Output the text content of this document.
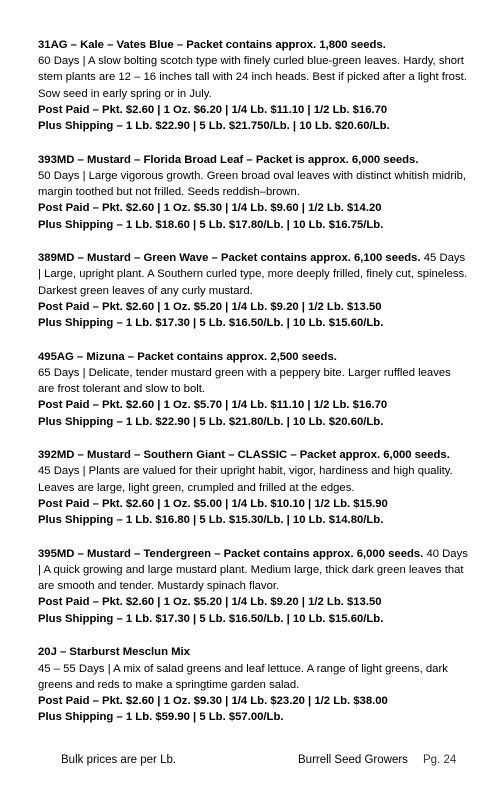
31AG – Kale – Vates Blue – Packet contains approx. 1,800 seeds.
60 Days | A slow bolting scotch type with finely curled blue-green leaves. Hardy, short stem plants are 12 – 16 inches tall with 24 inch heads. Best if picked after a light frost. Sow seed in early spring or in July.

Post Paid – Pkt. $2.60 | 1 Oz. $6.20 | 1/4 Lb. $11.10 | 1/2 Lb. $16.70

Plus Shipping – 1 Lb. $22.90 | 5 Lb. $21.750/Lb. | 10 Lb. $20.60/Lb.

393MD – Mustard – Florida Broad Leaf – Packet is approx. 6,000 seeds.
50 Days | Large vigorous growth. Green broad oval leaves with distinct whitish midrib, margin toothed but not frilled. Seeds reddish–brown.

Post Paid – Pkt. $2.60 | 1 Oz. $5.30 | 1/4 Lb. $9.60 | 1/2 Lb. $14.20

Plus Shipping – 1 Lb. $18.60 | 5 Lb. $17.80/Lb. | 10 Lb. $16.75/Lb.

389MD – Mustard – Green Wave – Packet contains approx. 6,100 seeds. 45 Days | Large, upright plant. A Southern curled type, more deeply frilled, finely cut, spineless. Darkest green leaves of any curly mustard.

Post Paid – Pkt. $2.60 | 1 Oz. $5.20 | 1/4 Lb. $9.20 | 1/2 Lb. $13.50

Plus Shipping – 1 Lb. $17.30 | 5 Lb. $16.50/Lb. | 10 Lb. $15.60/Lb.

495AG – Mizuna – Packet contains approx. 2,500 seeds.
65 Days | Delicate, tender mustard green with a peppery bite. Larger ruffled leaves are frost tolerant and slow to bolt.

Post Paid – Pkt. $2.60 | 1 Oz. $5.70 | 1/4 Lb. $11.10 | 1/2 Lb. $16.70

Plus Shipping – 1 Lb. $22.90 | 5 Lb. $21.80/Lb. | 10 Lb. $20.60/Lb.

392MD – Mustard – Southern Giant – CLASSIC – Packet approx. 6,000 seeds.
45 Days | Plants are valued for their upright habit, vigor, hardiness and high quality. Leaves are large, light green, crumpled and frilled at the edges.

Post Paid – Pkt. $2.60 | 1 Oz. $5.00 | 1/4 Lb. $10.10 | 1/2 Lb. $15.90

Plus Shipping – 1 Lb. $16.80 | 5 Lb. $15.30/Lb. | 10 Lb. $14.80/Lb.

395MD – Mustard – Tendergreen – Packet contains approx. 6,000 seeds. 40 Days | A quick growing and large mustard plant. Medium large, thick dark green leaves that are smooth and tender. Mustardy spinach flavor.

Post Paid – Pkt. $2.60 | 1 Oz. $5.20 | 1/4 Lb. $9.20 | 1/2 Lb. $13.50

Plus Shipping – 1 Lb. $17.30 | 5 Lb. $16.50/Lb. | 10 Lb. $15.60/Lb.

20J – Starburst Mesclun Mix
45 – 55 Days | A mix of salad greens and leaf lettuce. A range of light greens, dark greens and reds to make a springtime garden salad.

Post Paid – Pkt. $2.60 | 1 Oz. $9.30 | 1/4 Lb. $23.20 | 1/2 Lb. $38.00

Plus Shipping – 1 Lb. $59.90 | 5 Lb. $57.00/Lb.

Bulk prices are per Lb.	Burrell Seed Growers Pg. 24
